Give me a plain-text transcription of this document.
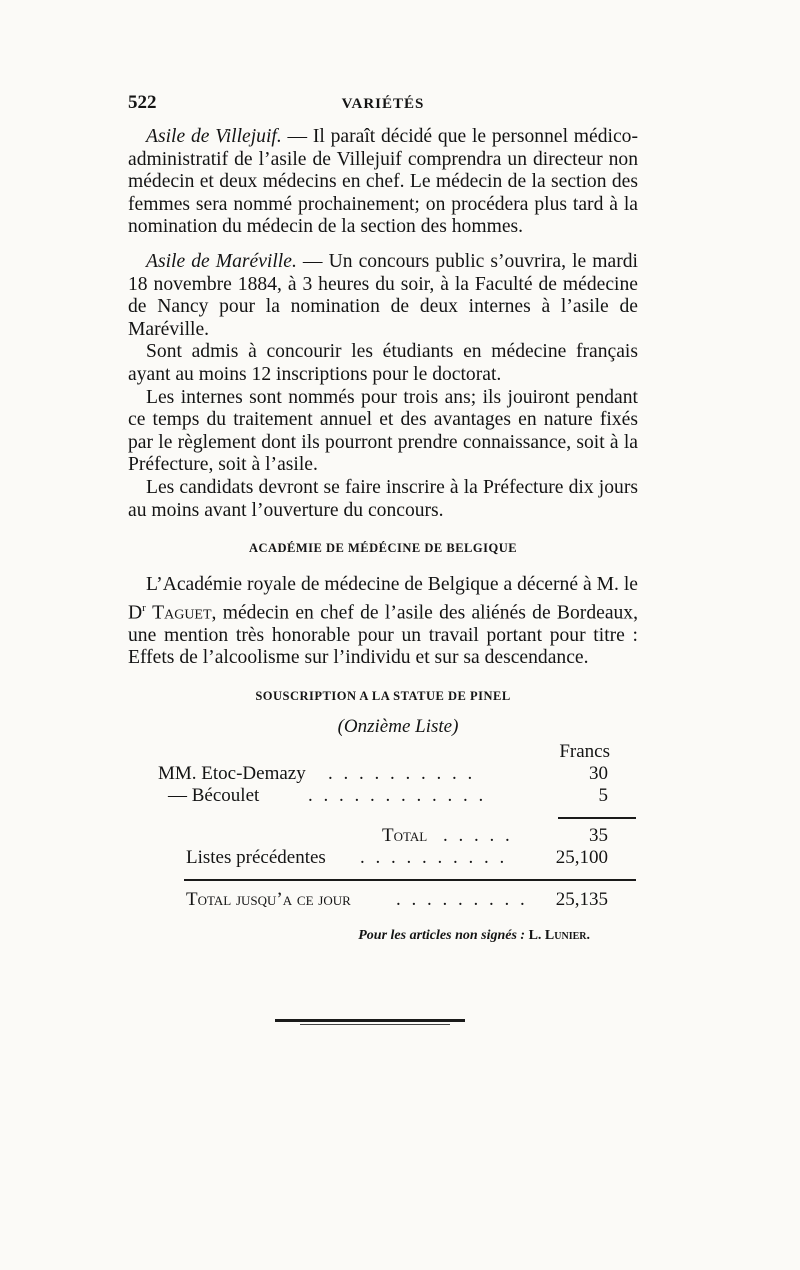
522	VARIÉTÉS

Asile de Villejuif. — Il paraît décidé que le personnel médico-administratif de l’asile de Villejuif comprendra un directeur non médecin et deux médecins en chef. Le médecin de la section des femmes sera nommé prochainement; on procédera plus tard à la nomination du médecin de la section des hommes.

Asile de Maréville. — Un concours public s’ouvrira, le mardi 18 novembre 1884, à 3 heures du soir, à la Faculté de médecine de Nancy pour la nomination de deux internes à l’asile de Maréville.

Sont admis à concourir les étudiants en médecine français ayant au moins 12 inscriptions pour le doctorat.

Les internes sont nommés pour trois ans; ils jouiront pendant ce temps du traitement annuel et des avantages en nature fixés par le règlement dont ils pourront prendre connaissance, soit à la Préfecture, soit à l’asile.

Les candidats devront se faire inscrire à la Préfecture dix jours au moins avant l’ouverture du concours.

ACADÉMIE DE MÉDÉCINE DE BELGIQUE

L’Académie royale de médecine de Belgique a décerné à M. le $D^r$ Taguet, médecin en chef de l’asile des aliénés de Bordeaux, une mention très honorable pour un travail portant pour titre : Effets de l’alcoolisme sur l’individu et sur sa descendance.

SOUSCRIPTION A LA STATUE DE PINEL
(Onzième Liste)
Francs
MM. Etoc-Demazy . . . . . . . . . .	30
— Bécoulet	. . . . . . . . . . . .	5
Total . . . . .	35
Listes précédentes . . . . . . . . . .	25,100
Total jusqu’a ce jour . . . . . . . . . 25,135
Pour les articles non signés : L. Lunier.
